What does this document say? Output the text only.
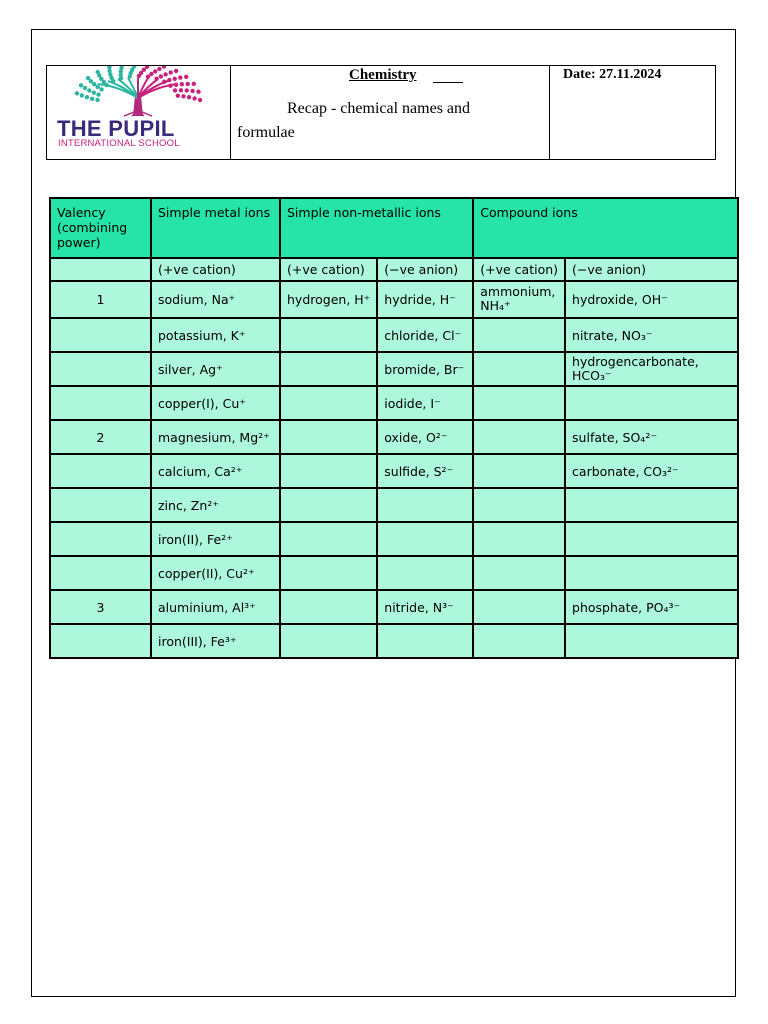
THE PUPIL
INTERNATIONAL SCHOOL
Chemistry
Recap - chemical names and
formulae
Date: 27.11.2024
Valency (combining power)	Simple metal ions	Simple non-metallic ions		Compound ions	
	(+ve cation)	(+ve cation)	(−ve anion)	(+ve cation)	(−ve anion)
1	sodium, Na⁺	hydrogen, H⁺	hydride, H⁻	ammonium, NH₄⁺	hydroxide, OH⁻
	potassium, K⁺		chloride, Cl⁻		nitrate, NO₃⁻
	silver, Ag⁺		bromide, Br⁻		hydrogencarbonate, HCO₃⁻
	copper(I), Cu⁺		iodide, I⁻		
2	magnesium, Mg²⁺		oxide, O²⁻		sulfate, SO₄²⁻
	calcium, Ca²⁺		sulfide, S²⁻		carbonate, CO₃²⁻
	zinc, Zn²⁺				
	iron(II), Fe²⁺				
	copper(II), Cu²⁺				
3	aluminium, Al³⁺		nitride, N³⁻		phosphate, PO₄³⁻
	iron(III), Fe³⁺				
